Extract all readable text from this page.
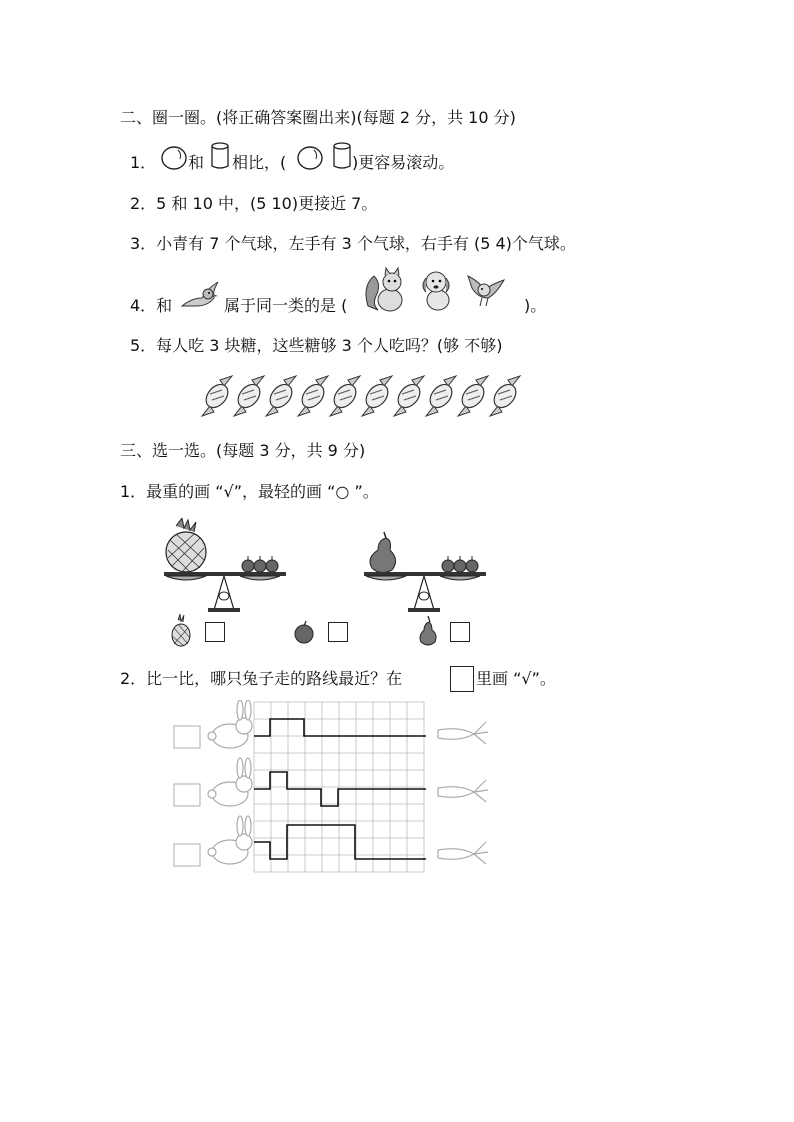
二、圈一圈。(将正确答案圈出来)(每题 2 分，共 10 分)
1． 和 相比，(	)更容易滚动。
2．5 和 10 中，(5 10)更接近 7。
3．小青有 7 个气球，左手有 3 个气球，右手有 (5 4)个气球。
4．和	属于同一类的是 (	)。
5．每人吃 3 块糖，这些糖够 3 个人吃吗？(够 不够)
三、选一选。(每题 3 分，共 9 分)
1．最重的画 “√”，最轻的画 “○ ”。
2．比一比，哪只兔子走的路线最近？在	里画 “√”。
